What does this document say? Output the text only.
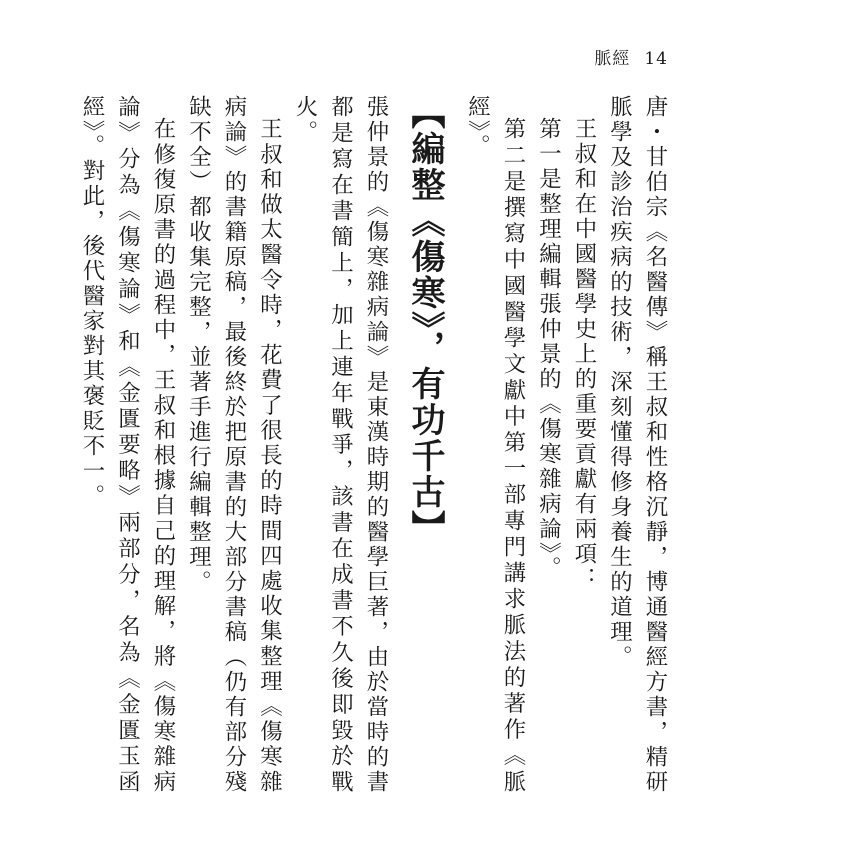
脈經 14

唐・甘伯宗《名醫傳》稱王叔和性格沉靜，博通醫經方書，精研脈學及診治疾病的技術，深刻懂得修身養生的道理。

王叔和在中國醫學史上的重要貢獻有兩項：

第一是整理編輯張仲景的《傷寒雜病論》。

第二是撰寫中國醫學文獻中第一部專門講求脈法的著作《脈經》。

【編整《傷寒》，有功千古】

張仲景的《傷寒雜病論》是東漢時期的醫學巨著，由於當時的書都是寫在書簡上，加上連年戰爭，該書在成書不久後即毀於戰火。

王叔和做太醫令時，花費了很長的時間四處收集整理《傷寒雜病論》的書籍原稿，最後終於把原書的大部分書稿（仍有部分殘缺不全）都收集完整，並著手進行編輯整理。

在修復原書的過程中，王叔和根據自己的理解，將《傷寒雜病論》分為《傷寒論》和《金匱要略》兩部分，名為《金匱玉函經》。對此，後代醫家對其褒貶不一。
